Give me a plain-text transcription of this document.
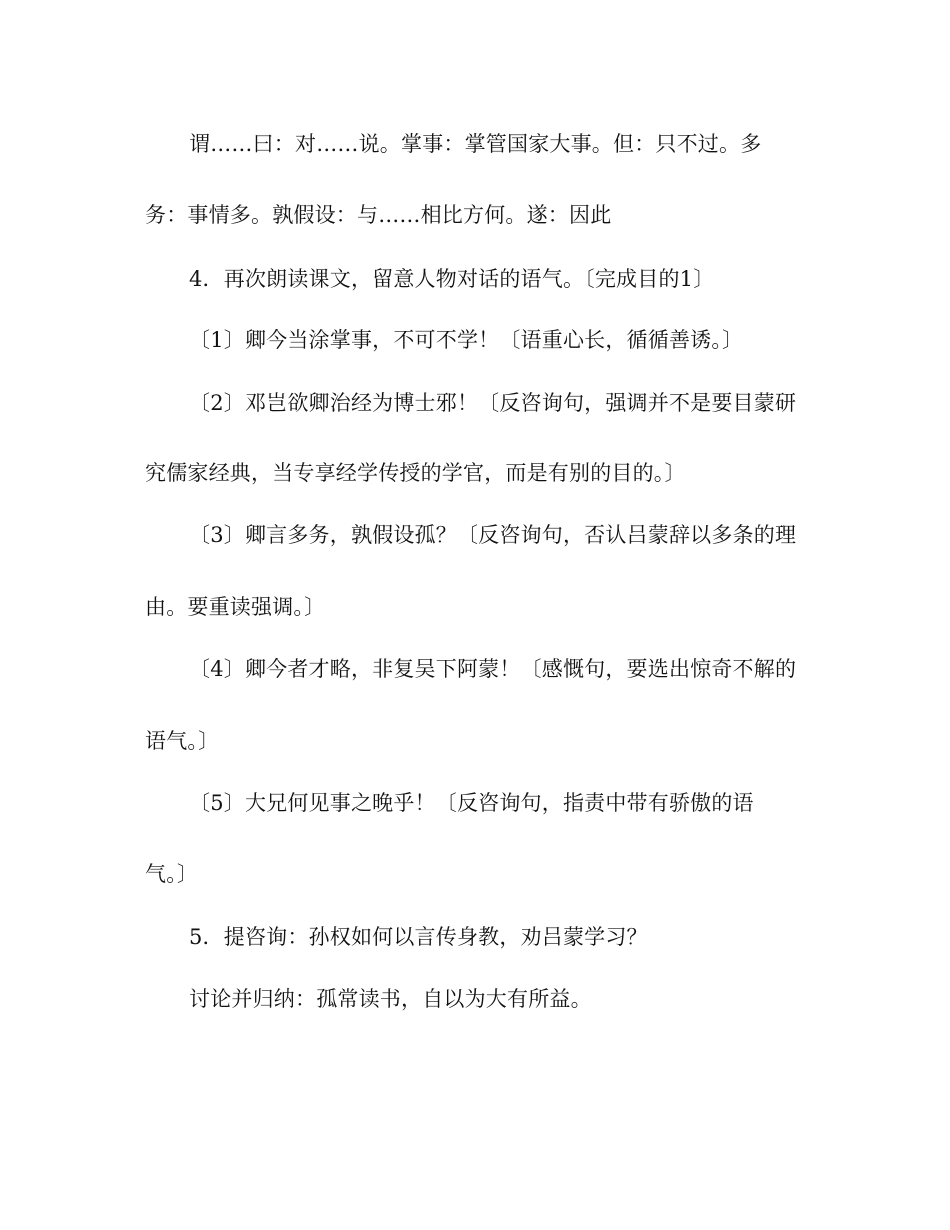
谓……曰：对……说。掌事：掌管国家大事。但：只不过。多
务：事情多。孰假设：与……相比方何。遂：因此
4．再次朗读课文，留意人物对话的语气。〔完成目的1〕
〔1〕卿今当涂掌事，不可不学！〔语重心长，循循善诱。〕
〔2〕邓岂欲卿治经为博士邪！〔反咨询句，强调并不是要目蒙研
究儒家经典，当专享经学传授的学官，而是有别的目的。〕
〔3〕卿言多务，孰假设孤？〔反咨询句，否认吕蒙辞以多条的理
由。要重读强调。〕
〔4〕卿今者才略，非复吴下阿蒙！〔感慨句，要选出惊奇不解的
语气。〕
〔5〕大兄何见事之晚乎！〔反咨询句，指责中带有骄傲的语
气。〕
5．提咨询：孙权如何以言传身教，劝吕蒙学习？
讨论并归纳：孤常读书，自以为大有所益。
